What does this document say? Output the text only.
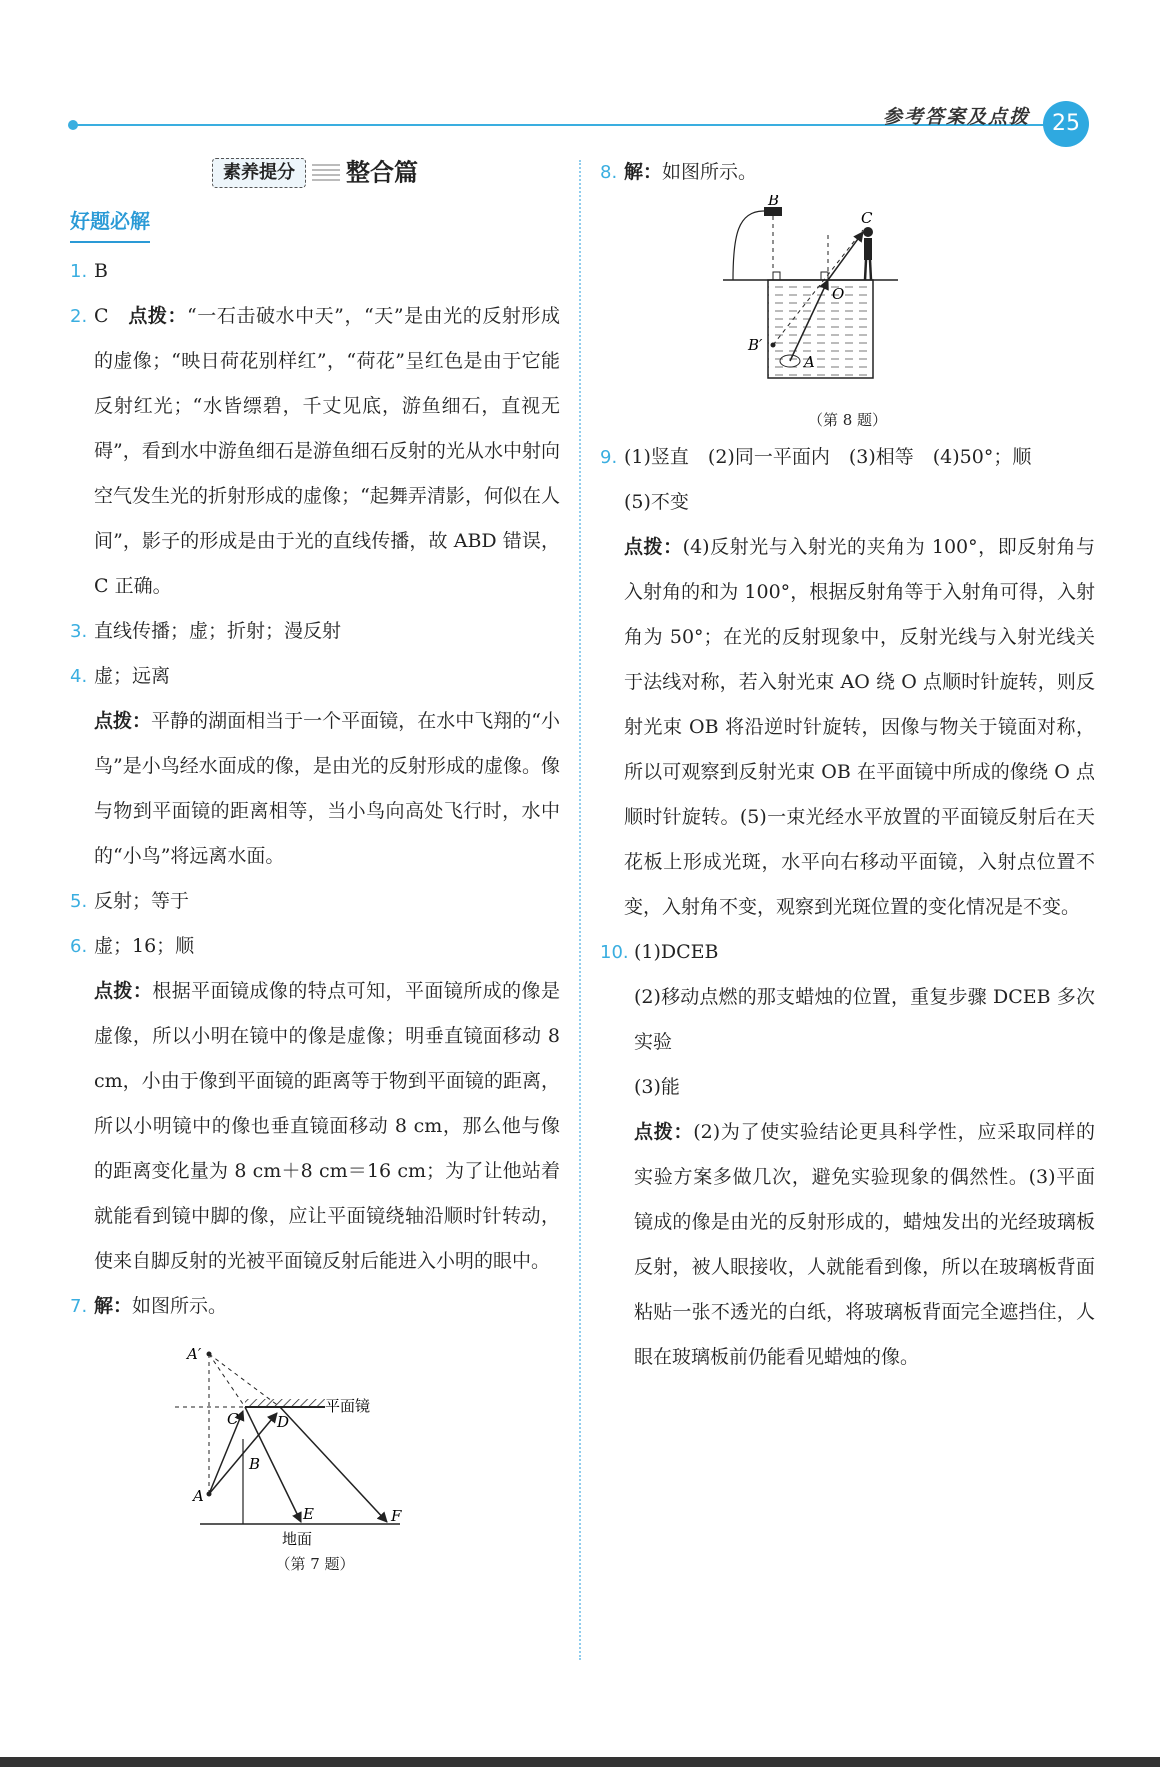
参考答案及点拨	25
素养提分 整合篇
好题必解
1. B
2. C 点拨：“一石击破水中天”，“天”是由光的反射形成的虚像；“映日荷花别样红”，“荷花”呈红色是由于它能反射红光；“水皆缥碧，千丈见底，游鱼细石，直视无碍”，看到水中游鱼细石是游鱼细石反射的光从水中射向空气发生光的折射形成的虚像；“起舞弄清影，何似在人间”，影子的形成是由于光的直线传播，故 ABD 错误，C 正确。
3. 直线传播；虚；折射；漫反射
4. 虚；远离
点拨：平静的湖面相当于一个平面镜，在水中飞翔的“小鸟”是小鸟经水面成的像，是由光的反射形成的虚像。像与物到平面镜的距离相等，当小鸟向高处飞行时，水中的“小鸟”将远离水面。
5. 反射；等于
6. 虚；16；顺
点拨：根据平面镜成像的特点可知，平面镜所成的像是虚像，所以小明在镜中的像是虚像；明垂直镜面移动 8 cm，小由于像到平面镜的距离等于物到平面镜的距离，所以小明镜中的像也垂直镜面移动 8 cm，那么他与像的距离变化量为 8 cm＋8 cm＝16 cm；为了让他站着就能看到镜中脚的像，应让平面镜绕轴沿顺时针转动，使来自脚反射的光被平面镜反射后能进入小明的眼中。
7. 解：如图所示。
A′
C	D
B
A
E	F
平面镜
地面
（第 7 题）
8. 解：如图所示。
B
C
O
B′
A
（第 8 题）
9. (1)竖直　(2)同一平面内　(3)相等　(4)50°；顺
(5)不变
点拨：(4)反射光与入射光的夹角为 100°，即反射角与入射角的和为 100°，根据反射角等于入射角可得，入射角为 50°；在光的反射现象中，反射光线与入射光线关于法线对称，若入射光束 AO 绕 O 点顺时针旋转，则反射光束 OB 将沿逆时针旋转，因像与物关于镜面对称，所以可观察到反射光束 OB 在平面镜中所成的像绕 O 点顺时针旋转。(5)一束光经水平放置的平面镜反射后在天花板上形成光斑，水平向右移动平面镜，入射点位置不变，入射角不变，观察到光斑位置的变化情况是不变。
10. (1)DCEB
(2)移动点燃的那支蜡烛的位置，重复步骤 DCEB 多次实验
(3)能
点拨：(2)为了使实验结论更具科学性，应采取同样的实验方案多做几次，避免实验现象的偶然性。(3)平面镜成的像是由光的反射形成的，蜡烛发出的光经玻璃板反射，被人眼接收，人就能看到像，所以在玻璃板背面粘贴一张不透光的白纸，将玻璃板背面完全遮挡住，人眼在玻璃板前仍能看见蜡烛的像。
